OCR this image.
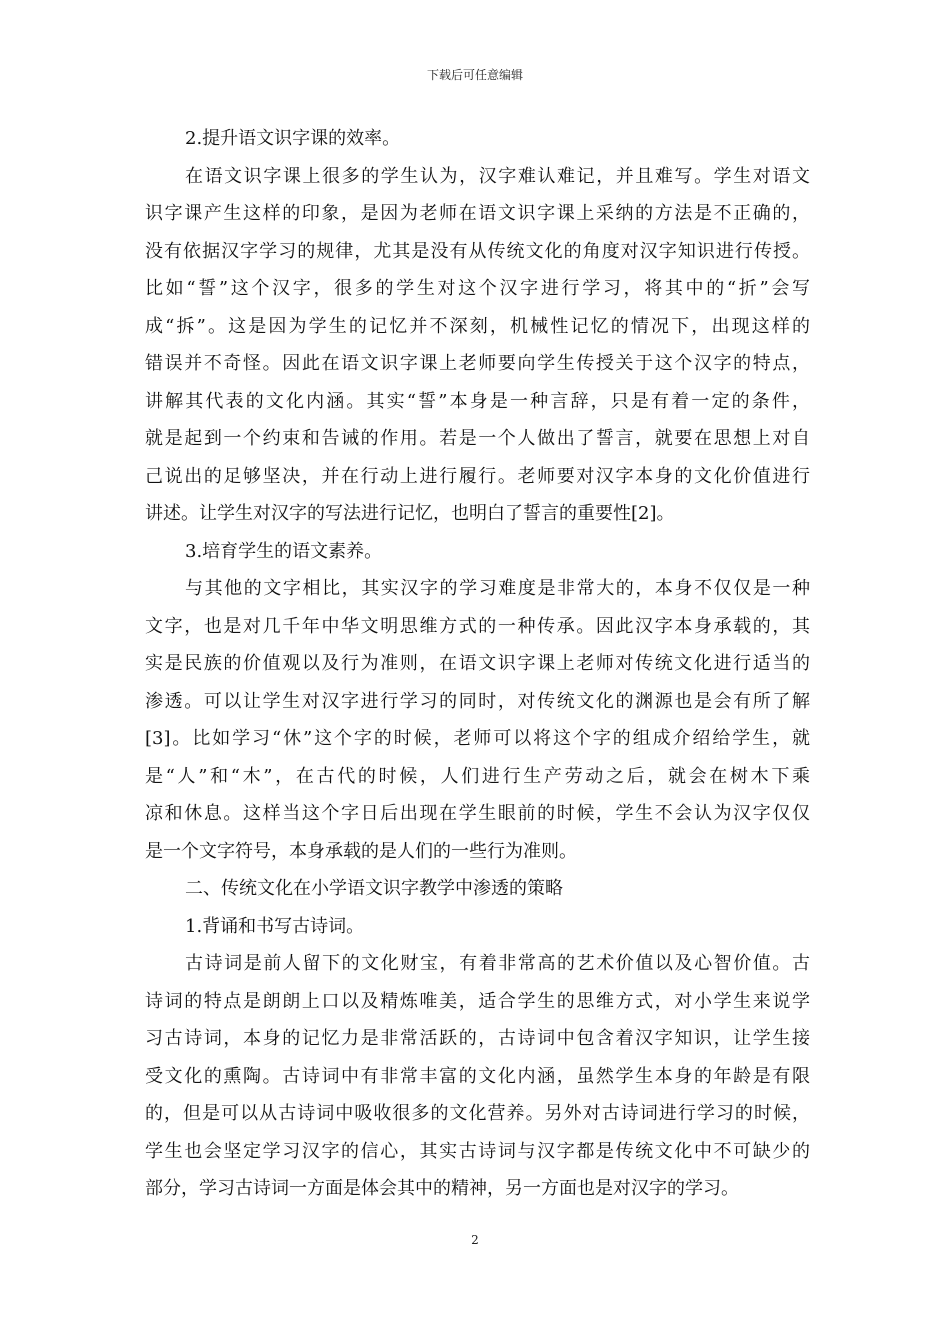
下载后可任意编辑
2.提升语文识字课的效率。
在语文识字课上很多的学生认为，汉字难认难记，并且难写。学生对语文
识字课产生这样的印象，是因为老师在语文识字课上采纳的方法是不正确的，
没有依据汉字学习的规律，尤其是没有从传统文化的角度对汉字知识进行传授。
比如“誓”这个汉字，很多的学生对这个汉字进行学习，将其中的“折”会写
成“拆”。这是因为学生的记忆并不深刻，机械性记忆的情况下，出现这样的
错误并不奇怪。因此在语文识字课上老师要向学生传授关于这个汉字的特点，
讲解其代表的文化内涵。其实“誓”本身是一种言辞，只是有着一定的条件，
就是起到一个约束和告诫的作用。若是一个人做出了誓言，就要在思想上对自
己说出的足够坚决，并在行动上进行履行。老师要对汉字本身的文化价值进行
讲述。让学生对汉字的写法进行记忆，也明白了誓言的重要性[2]。
3.培育学生的语文素养。
与其他的文字相比，其实汉字的学习难度是非常大的，本身不仅仅是一种
文字，也是对几千年中华文明思维方式的一种传承。因此汉字本身承载的，其
实是民族的价值观以及行为准则，在语文识字课上老师对传统文化进行适当的
渗透。可以让学生对汉字进行学习的同时，对传统文化的渊源也是会有所了解
[3]。比如学习“休”这个字的时候，老师可以将这个字的组成介绍给学生，就
是“人”和“木”，在古代的时候，人们进行生产劳动之后，就会在树木下乘
凉和休息。这样当这个字日后出现在学生眼前的时候，学生不会认为汉字仅仅
是一个文字符号，本身承载的是人们的一些行为准则。
二、传统文化在小学语文识字教学中渗透的策略
1.背诵和书写古诗词。
古诗词是前人留下的文化财宝，有着非常高的艺术价值以及心智价值。古
诗词的特点是朗朗上口以及精炼唯美，适合学生的思维方式，对小学生来说学
习古诗词，本身的记忆力是非常活跃的，古诗词中包含着汉字知识，让学生接
受文化的熏陶。古诗词中有非常丰富的文化内涵，虽然学生本身的年龄是有限
的，但是可以从古诗词中吸收很多的文化营养。另外对古诗词进行学习的时候，
学生也会坚定学习汉字的信心，其实古诗词与汉字都是传统文化中不可缺少的
部分，学习古诗词一方面是体会其中的精神，另一方面也是对汉字的学习。
2
